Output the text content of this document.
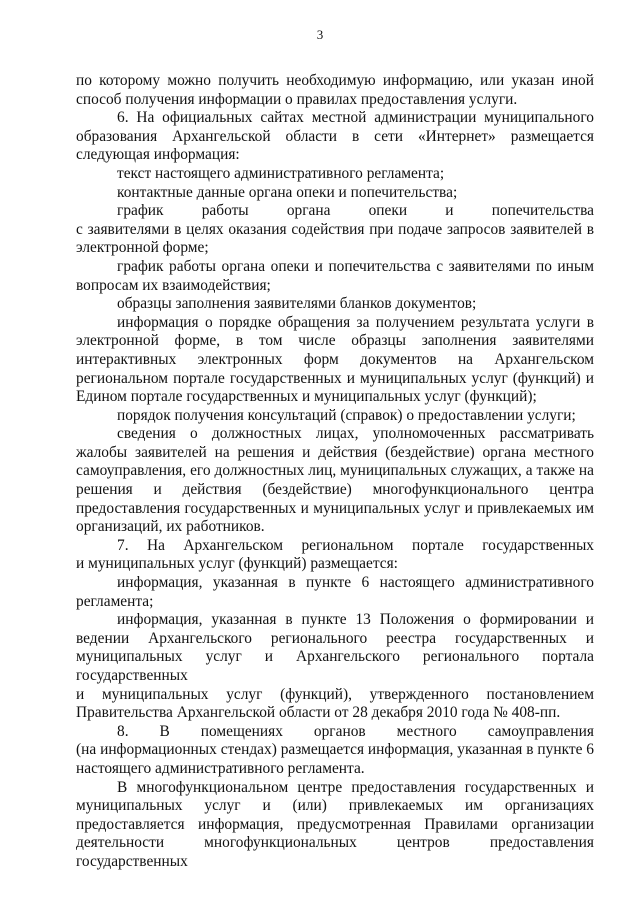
3

по которому можно получить необходимую информацию, или указан иной способ получения информации о правилах предоставления услуги.

6. На официальных сайтах местной администрации муниципального образования Архангельской области в сети «Интернет» размещается следующая информация:

текст настоящего административного регламента;

контактные данные органа опеки и попечительства;

график работы органа опеки и попечительства

с заявителями в целях оказания содействия при подаче запросов заявителей в электронной форме;

график работы органа опеки и попечительства с заявителями по иным вопросам их взаимодействия;

образцы заполнения заявителями бланков документов;

информация о порядке обращения за получением результата услуги в электронной форме, в том числе образцы заполнения заявителями интерактивных электронных форм документов на Архангельском региональном портале государственных и муниципальных услуг (функций) и Едином портале государственных и муниципальных услуг (функций);

порядок получения консультаций (справок) о предоставлении услуги;

сведения о должностных лицах, уполномоченных рассматривать жалобы заявителей на решения и действия (бездействие) органа местного самоуправления, его должностных лиц, муниципальных служащих, а также на решения и действия (бездействие) многофункционального центра предоставления государственных и муниципальных услуг и привлекаемых им организаций, их работников.

7. На Архангельском региональном портале государственных

и муниципальных услуг (функций) размещается:

информация, указанная в пункте 6 настоящего административного регламента;

информация, указанная в пункте 13 Положения о формировании и ведении Архангельского регионального реестра государственных и муниципальных услуг и Архангельского регионального портала государственных

и муниципальных услуг (функций), утвержденного постановлением Правительства Архангельской области от 28 декабря 2010 года № 408-пп.

8. В помещениях органов местного самоуправления

(на информационных стендах) размещается информация, указанная в пункте 6 настоящего административного регламента.

В многофункциональном центре предоставления государственных и муниципальных услуг и (или) привлекаемых им организациях предоставляется информация, предусмотренная Правилами организации деятельности многофункциональных центров предоставления государственных
